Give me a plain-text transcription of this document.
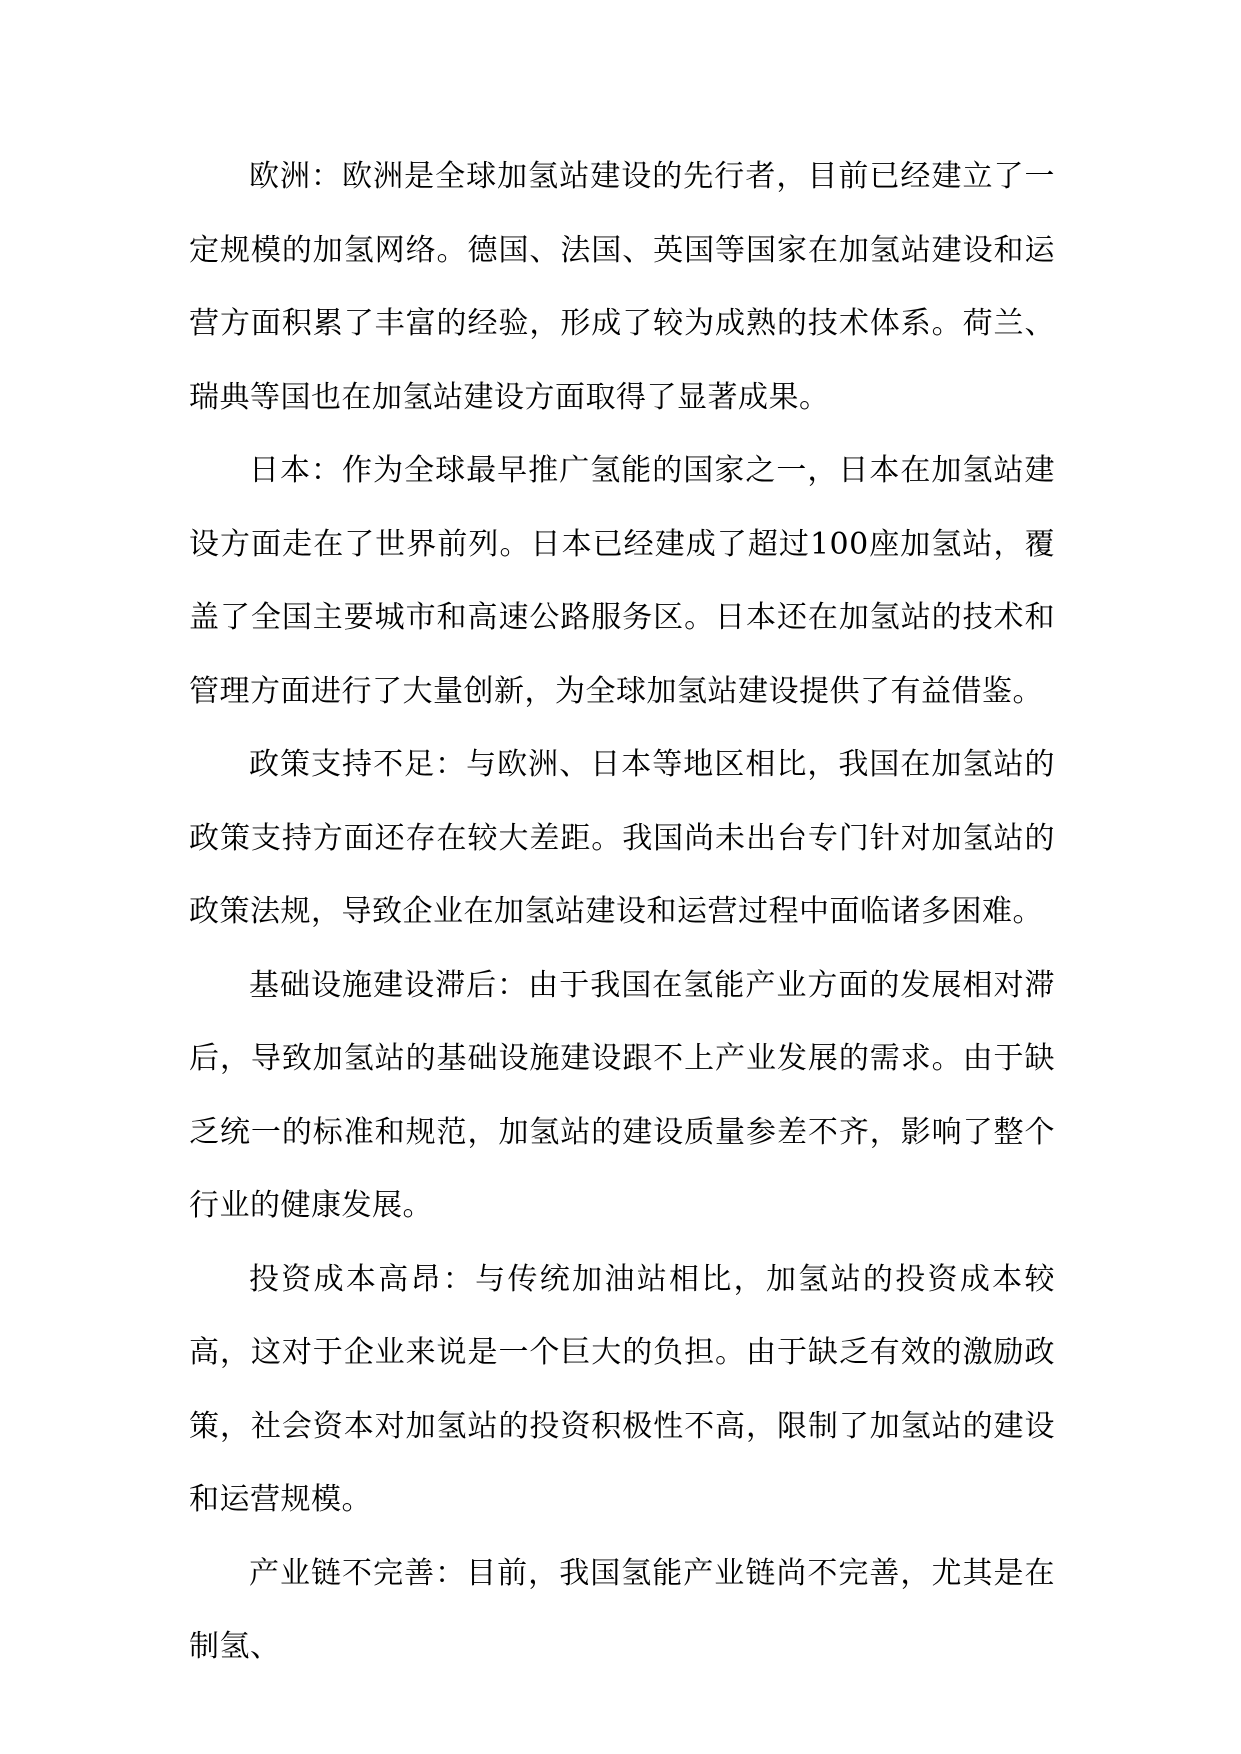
欧洲：欧洲是全球加氢站建设的先行者，目前已经建立了一定规模的加氢网络。德国、法国、英国等国家在加氢站建设和运营方面积累了丰富的经验，形成了较为成熟的技术体系。荷兰、瑞典等国也在加氢站建设方面取得了显著成果。

日本：作为全球最早推广氢能的国家之一，日本在加氢站建设方面走在了世界前列。日本已经建成了超过100座加氢站，覆盖了全国主要城市和高速公路服务区。日本还在加氢站的技术和管理方面进行了大量创新，为全球加氢站建设提供了有益借鉴。

政策支持不足：与欧洲、日本等地区相比，我国在加氢站的政策支持方面还存在较大差距。我国尚未出台专门针对加氢站的政策法规，导致企业在加氢站建设和运营过程中面临诸多困难。

基础设施建设滞后：由于我国在氢能产业方面的发展相对滞后，导致加氢站的基础设施建设跟不上产业发展的需求。由于缺乏统一的标准和规范，加氢站的建设质量参差不齐，影响了整个行业的健康发展。

投资成本高昂：与传统加油站相比，加氢站的投资成本较高，这对于企业来说是一个巨大的负担。由于缺乏有效的激励政策，社会资本对加氢站的投资积极性不高，限制了加氢站的建设和运营规模。

产业链不完善：目前，我国氢能产业链尚不完善，尤其是在制氢、
